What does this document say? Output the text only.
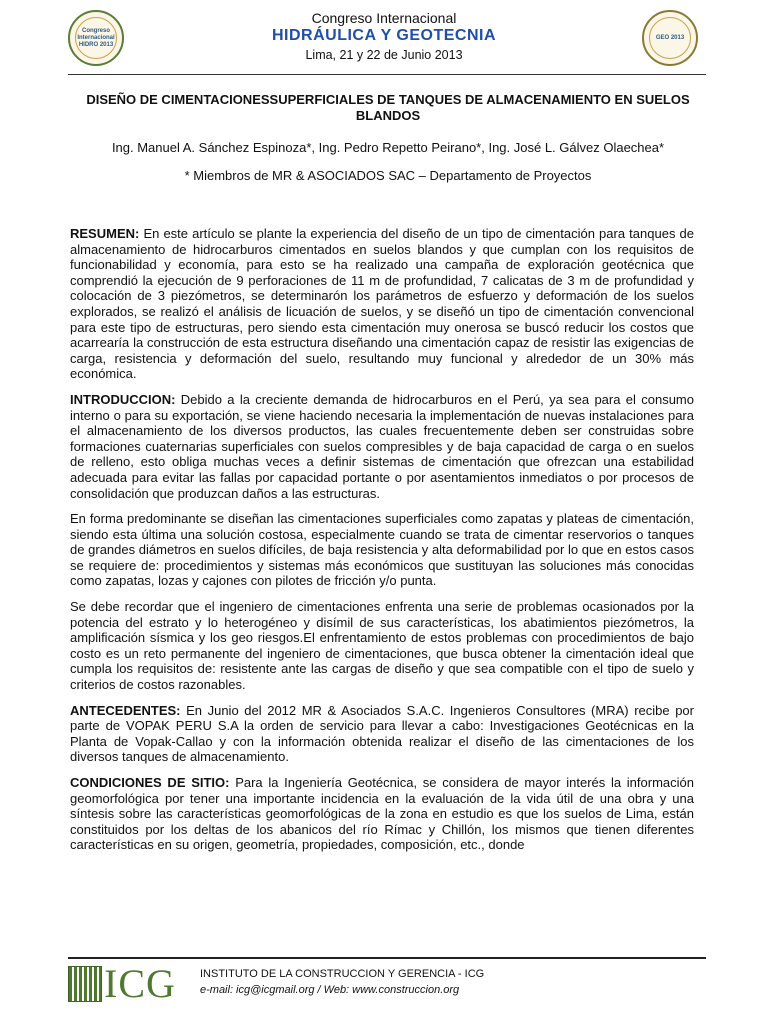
Congreso Internacional HIDRO 2013
Congreso Internacional
HIDRÁULICA Y GEOTECNIA
Lima, 21 y 22 de Junio 2013
GEO 2013
DISEÑO DE CIMENTACIONESSUPERFICIALES DE TANQUES DE ALMACENAMIENTO EN SUELOS BLANDOS
Ing. Manuel A. Sánchez Espinoza*, Ing. Pedro Repetto Peirano*, Ing. José L. Gálvez Olaechea*
* Miembros de MR & ASOCIADOS SAC – Departamento de Proyectos

RESUMEN: En este artículo se plante la experiencia del diseño de un tipo de cimentación para tanques de almacenamiento de hidrocarburos cimentados en suelos blandos y que cumplan con los requisitos de funcionabilidad y economía, para esto se ha realizado una campaña de exploración geotécnica que comprendió la ejecución de 9 perforaciones de 11 m de profundidad, 7 calicatas de 3 m de profundidad y colocación de 3 piezómetros, se determinarón los parámetros de esfuerzo y deformación de los suelos explorados, se realizó el análisis de licuación de suelos, y se diseñó un tipo de cimentación convencional para este tipo de estructuras, pero siendo esta cimentación muy onerosa se buscó reducir los costos que acarrearía la construcción de esta estructura diseñando una cimentación capaz de resistir las exigencias de carga, resistencia y deformación del suelo, resultando muy funcional y alrededor de un 30% más económica.

INTRODUCCION: Debido a la creciente demanda de hidrocarburos en el Perú, ya sea para el consumo interno o para su exportación, se viene haciendo necesaria la implementación de nuevas instalaciones para el almacenamiento de los diversos productos, las cuales frecuentemente deben ser construidas sobre formaciones cuaternarias superficiales con suelos compresibles y de baja capacidad de carga o en suelos de relleno, esto obliga muchas veces a definir sistemas de cimentación que ofrezcan una estabilidad adecuada para evitar las fallas por capacidad portante o por asentamientos inmediatos o por procesos de consolidación que produzcan daños a las estructuras.

En forma predominante se diseñan las cimentaciones superficiales como zapatas y plateas de cimentación, siendo esta última una solución costosa, especialmente cuando se trata de cimentar reservorios o tanques de grandes diámetros en suelos difíciles, de baja resistencia y alta deformabilidad por lo que en estos casos se requiere de: procedimientos y sistemas más económicos que sustituyan las soluciones más conocidas como zapatas, lozas y cajones con pilotes de fricción y/o punta.

Se debe recordar que el ingeniero de cimentaciones enfrenta una serie de problemas ocasionados por la potencia del estrato y lo heterogéneo y disímil de sus características, los abatimientos piezómetros, la amplificación sísmica y los geo riesgos.El enfrentamiento de estos problemas con procedimientos de bajo costo es un reto permanente del ingeniero de cimentaciones, que busca obtener la cimentación ideal que cumpla los requisitos de: resistente ante las cargas de diseño y que sea compatible con el tipo de suelo y criterios de costos razonables.

ANTECEDENTES: En Junio del 2012 MR & Asociados S.A.C. Ingenieros Consultores (MRA) recibe por parte de VOPAK PERU S.A la orden de servicio para llevar a cabo: Investigaciones Geotécnicas en la Planta de Vopak-Callao y con la información obtenida realizar el diseño de las cimentaciones de los diversos tanques de almacenamiento.

CONDICIONES DE SITIO: Para la Ingeniería Geotécnica, se considera de mayor interés la información geomorfológica por tener una importante incidencia en la evaluación de la vida útil de una obra y una síntesis sobre las características geomorfológicas de la zona en estudio es que los suelos de Lima, están constituidos por los deltas de los abanicos del río Rímac y Chillón, los mismos que tienen diferentes características en su origen, geometría, propiedades, composición, etc., donde

ICG INSTITUTO DE LA CONSTRUCCION Y GERENCIA - ICG
e-mail: icg@icgmail.org / Web: www.construccion.org
